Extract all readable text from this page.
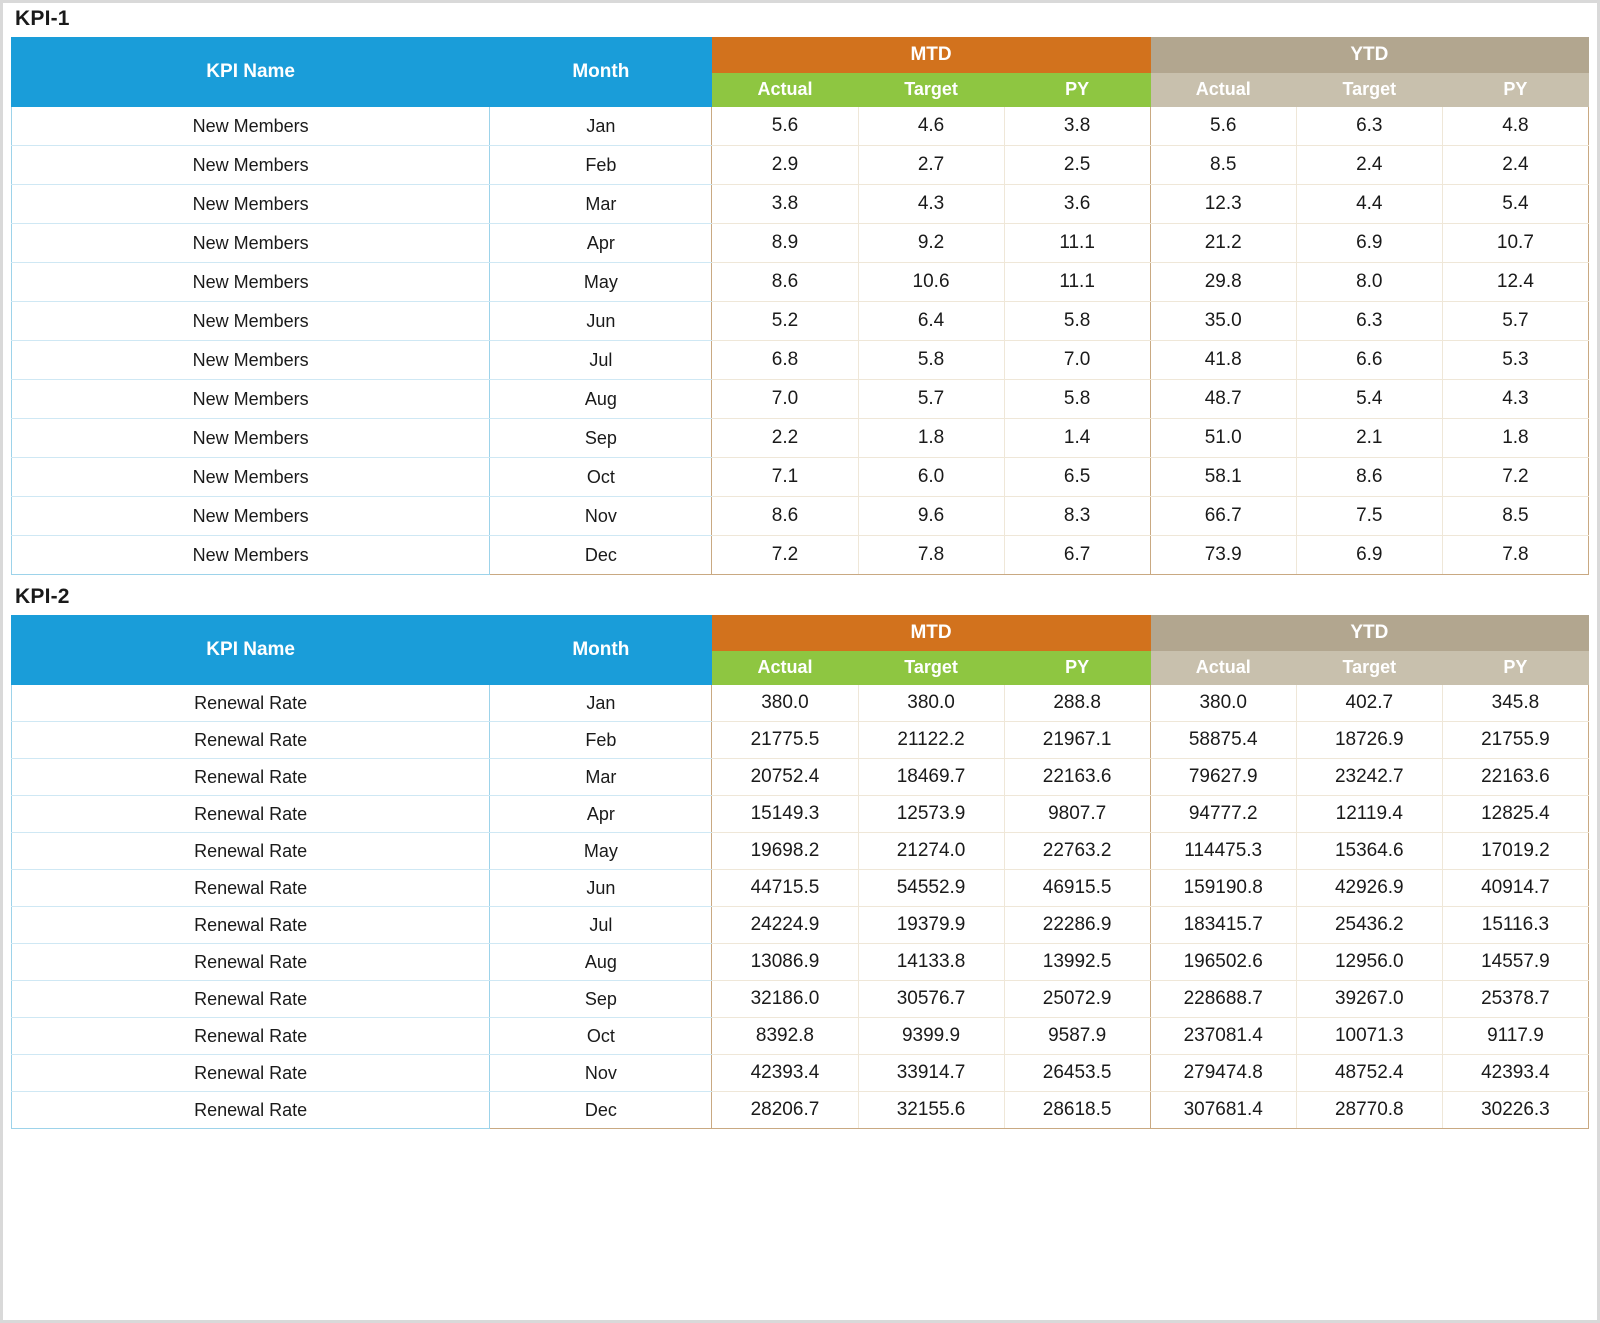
KPI-1
KPI Name	Month	MTD			YTD		
		Actual	Target	PY	Actual	Target	PY
New Members	Jan	5.6	4.6	3.8	5.6	6.3	4.8
New Members	Feb	2.9	2.7	2.5	8.5	2.4	2.4
New Members	Mar	3.8	4.3	3.6	12.3	4.4	5.4
New Members	Apr	8.9	9.2	11.1	21.2	6.9	10.7
New Members	May	8.6	10.6	11.1	29.8	8.0	12.4
New Members	Jun	5.2	6.4	5.8	35.0	6.3	5.7
New Members	Jul	6.8	5.8	7.0	41.8	6.6	5.3
New Members	Aug	7.0	5.7	5.8	48.7	5.4	4.3
New Members	Sep	2.2	1.8	1.4	51.0	2.1	1.8
New Members	Oct	7.1	6.0	6.5	58.1	8.6	7.2
New Members	Nov	8.6	9.6	8.3	66.7	7.5	8.5
New Members	Dec	7.2	7.8	6.7	73.9	6.9	7.8
KPI-2
KPI Name	Month	MTD			YTD		
		Actual	Target	PY	Actual	Target	PY
Renewal Rate	Jan	380.0	380.0	288.8	380.0	402.7	345.8
Renewal Rate	Feb	21775.5	21122.2	21967.1	58875.4	18726.9	21755.9
Renewal Rate	Mar	20752.4	18469.7	22163.6	79627.9	23242.7	22163.6
Renewal Rate	Apr	15149.3	12573.9	9807.7	94777.2	12119.4	12825.4
Renewal Rate	May	19698.2	21274.0	22763.2	114475.3	15364.6	17019.2
Renewal Rate	Jun	44715.5	54552.9	46915.5	159190.8	42926.9	40914.7
Renewal Rate	Jul	24224.9	19379.9	22286.9	183415.7	25436.2	15116.3
Renewal Rate	Aug	13086.9	14133.8	13992.5	196502.6	12956.0	14557.9
Renewal Rate	Sep	32186.0	30576.7	25072.9	228688.7	39267.0	25378.7
Renewal Rate	Oct	8392.8	9399.9	9587.9	237081.4	10071.3	9117.9
Renewal Rate	Nov	42393.4	33914.7	26453.5	279474.8	48752.4	42393.4
Renewal Rate	Dec	28206.7	32155.6	28618.5	307681.4	28770.8	30226.3
